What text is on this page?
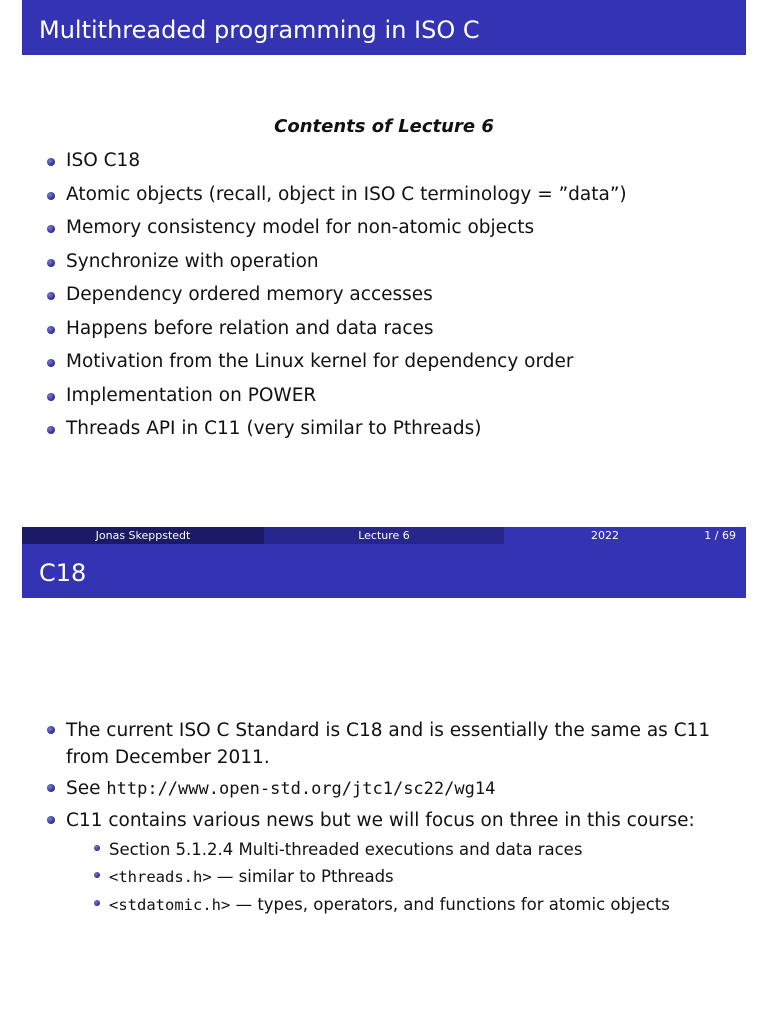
Multithreaded programming in ISO C
Contents of Lecture 6
ISO C18
Atomic objects (recall, object in ISO C terminology = ”data”)
Memory consistency model for non-atomic objects
Synchronize with operation
Dependency ordered memory accesses
Happens before relation and data races
Motivation from the Linux kernel for dependency order
Implementation on POWER
Threads API in C11 (very similar to Pthreads)
Jonas Skeppstedt	Lecture 6	2022	1 / 69
C18
The current ISO C Standard is C18 and is essentially the same as C11 from December 2011.
See http://www.open-std.org/jtc1/sc22/wg14
C11 contains various news but we will focus on three in this course:
Section 5.1.2.4 Multi-threaded executions and data races
<threads.h> — similar to Pthreads
<stdatomic.h> — types, operators, and functions for atomic objects
